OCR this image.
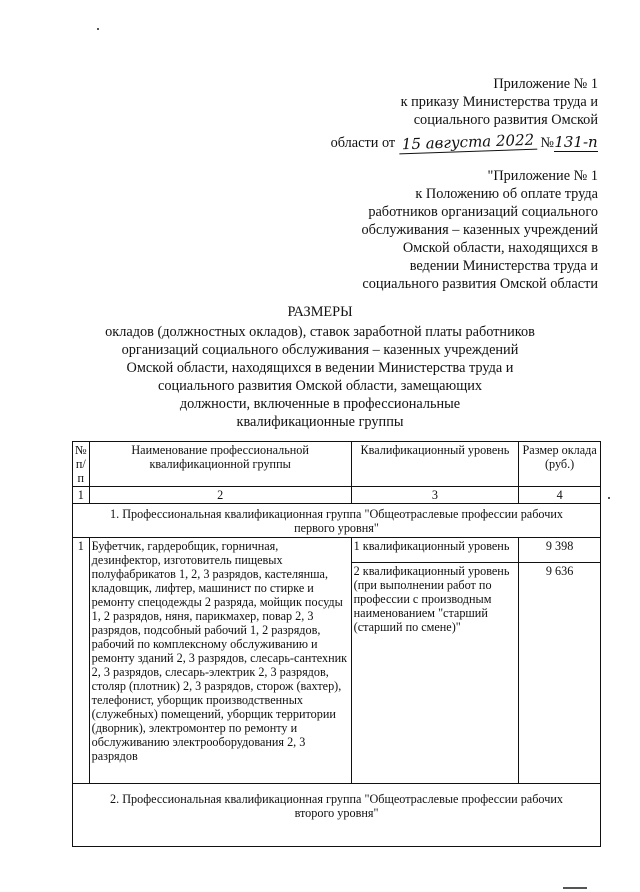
Приложение № 1
к приказу Министерства труда и
социального развития Омской
области от 15 августа 2022 №131-п
"Приложение № 1
к Положению об оплате труда
работников организаций социального
обслуживания – казенных учреждений
Омской области, находящихся в
ведении Министерства труда и
социального развития Омской области
РАЗМЕРЫ
окладов (должностных окладов), ставок заработной платы работников
организаций социального обслуживания – казенных учреждений
Омской области, находящихся в ведении Министерства труда и
социального развития Омской области, замещающих
должности, включенные в профессиональные
квалификационные группы
№ п/п	Наименование профессиональной квалификационной группы	Квалификационный уровень	Размер оклада (руб.)
1	2	3	4
1. Профессиональная квалификационная группа "Общеотраслевые профессии рабочих первого уровня"			
1	Буфетчик, гардеробщик, горничная, дезинфектор, изготовитель пищевых полуфабрикатов 1, 2, 3 разрядов, кастелянша, кладовщик, лифтер, машинист по стирке и ремонту спецодежды 2 разряда, мойщик посуды 1, 2 разрядов, няня, парикмахер, повар 2, 3 разрядов, подсобный рабочий 1, 2 разрядов, рабочий по комплексному обслуживанию и ремонту зданий 2, 3 разрядов, слесарь-сантехник 2, 3 разрядов, слесарь-электрик 2, 3 разрядов, столяр (плотник) 2, 3 разрядов, сторож (вахтер), телефонист, уборщик производственных (служебных) помещений, уборщик территории (дворник), электромонтер по ремонту и обслуживанию электрооборудования 2, 3 разрядов	1 квалификационный уровень	9 398
		2 квалификационный уровень (при выполнении работ по профессии с производным наименованием "старший (старший по смене)"	9 636
2. Профессиональная квалификационная группа "Общеотраслевые профессии рабочих второго уровня"			
